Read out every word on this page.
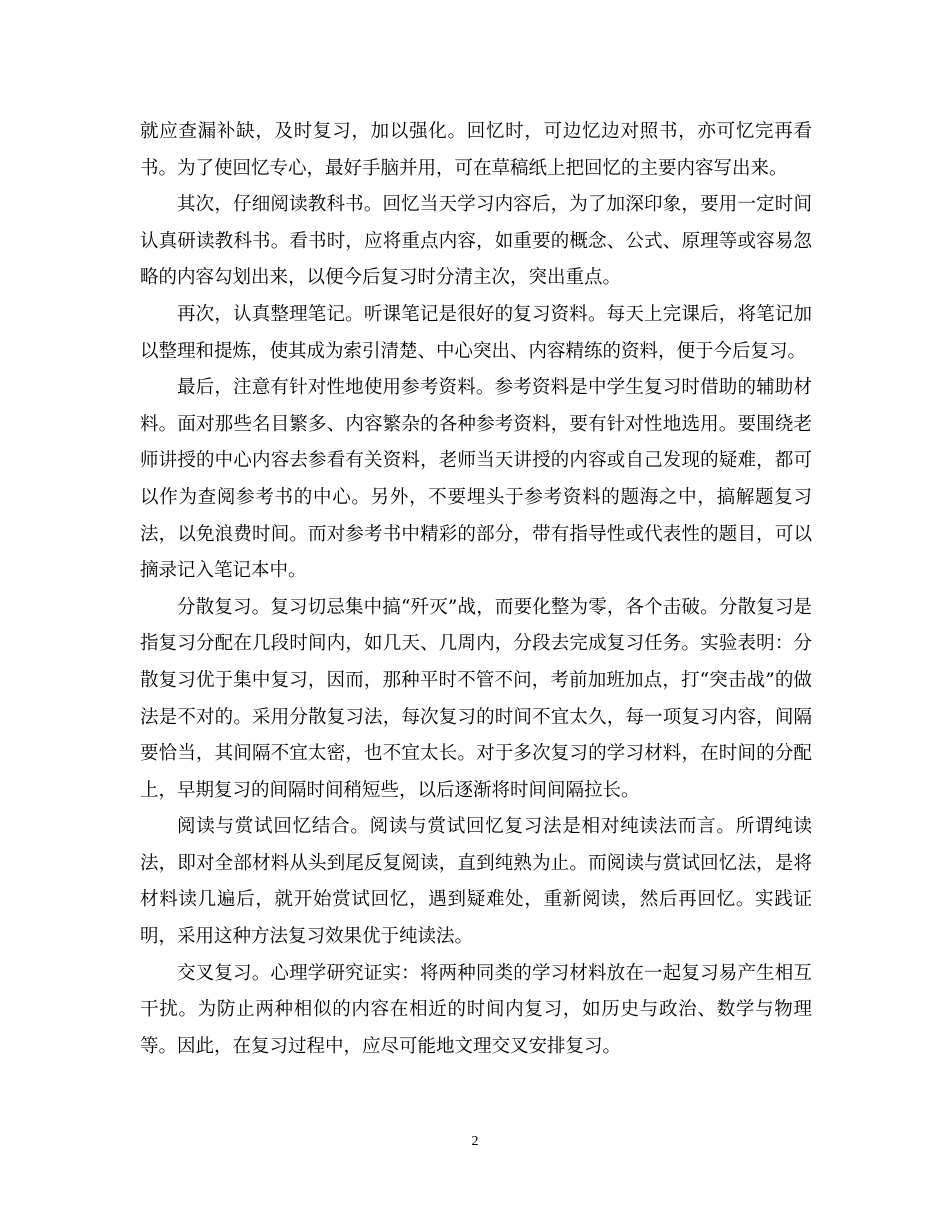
就应查漏补缺，及时复习，加以强化。回忆时，可边忆边对照书，亦可忆完再看书。为了使回忆专心，最好手脑并用，可在草稿纸上把回忆的主要内容写出来。

其次，仔细阅读教科书。回忆当天学习内容后，为了加深印象，要用一定时间认真研读教科书。看书时，应将重点内容，如重要的概念、公式、原理等或容易忽略的内容勾划出来，以便今后复习时分清主次，突出重点。

再次，认真整理笔记。听课笔记是很好的复习资料。每天上完课后，将笔记加以整理和提炼，使其成为索引清楚、中心突出、内容精练的资料，便于今后复习。

最后，注意有针对性地使用参考资料。参考资料是中学生复习时借助的辅助材料。面对那些名目繁多、内容繁杂的各种参考资料，要有针对性地选用。要围绕老师讲授的中心内容去参看有关资料，老师当天讲授的内容或自己发现的疑难，都可以作为查阅参考书的中心。另外，不要埋头于参考资料的题海之中，搞解题复习法，以免浪费时间。而对参考书中精彩的部分，带有指导性或代表性的题目，可以摘录记入笔记本中。

分散复习。复习切忌集中搞“歼灭”战，而要化整为零，各个击破。分散复习是指复习分配在几段时间内，如几天、几周内，分段去完成复习任务。实验表明：分散复习优于集中复习，因而，那种平时不管不问，考前加班加点，打“突击战”的做法是不对的。采用分散复习法，每次复习的时间不宜太久，每一项复习内容，间隔要恰当，其间隔不宜太密，也不宜太长。对于多次复习的学习材料，在时间的分配上，早期复习的间隔时间稍短些，以后逐渐将时间间隔拉长。

阅读与赏试回忆结合。阅读与赏试回忆复习法是相对纯读法而言。所谓纯读法，即对全部材料从头到尾反复阅读，直到纯熟为止。而阅读与赏试回忆法，是将材料读几遍后，就开始赏试回忆，遇到疑难处，重新阅读，然后再回忆。实践证明，采用这种方法复习效果优于纯读法。

交叉复习。心理学研究证实：将两种同类的学习材料放在一起复习易产生相互干扰。为防止两种相似的内容在相近的时间内复习，如历史与政治、数学与物理等。因此，在复习过程中，应尽可能地文理交叉安排复习。

2
